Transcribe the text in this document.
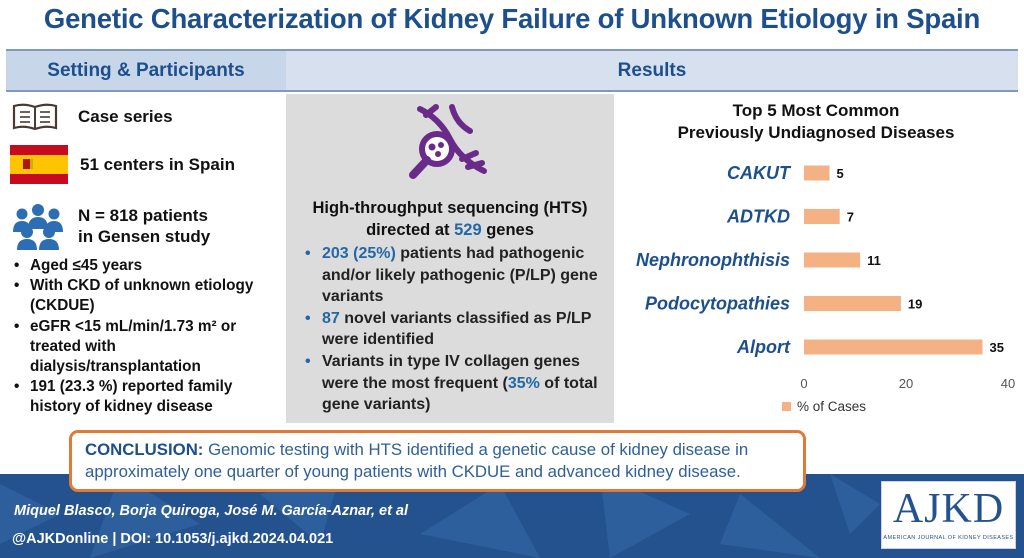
Genetic Characterization of Kidney Failure of Unknown Etiology in Spain
Setting & Participants	Results
Case series
51 centers in Spain
N = 818 patients
in Gensen study
• Aged ≤45 years
• With CKD of unknown etiology (CKDUE)
• eGFR <15 mL/min/1.73 m² or treated with dialysis/transplantation
• 191 (23.3 %) reported family history of kidney disease
High-throughput sequencing (HTS) directed at 529 genes
• 203 (25%) patients had pathogenic and/or likely pathogenic (P/LP) gene variants
• 87 novel variants classified as P/LP were identified
• Variants in type IV collagen genes were the most frequent (35% of total gene variants)
Top 5 Most Common
Previously Undiagnosed Diseases
CAKUT	5
ADTKD	7
Nephronophthisis	11
Podocytopathies	19
Alport	35
0	20	40
% of Cases
CONCLUSION: Genomic testing with HTS identified a genetic cause of kidney disease in approximately one quarter of young patients with CKDUE and advanced kidney disease.
Miquel Blasco, Borja Quiroga, José M. García-Aznar, et al
@AJKDonline | DOI: 10.1053/j.ajkd.2024.04.021
AJKD
AMERICAN JOURNAL OF KIDNEY DISEASES
